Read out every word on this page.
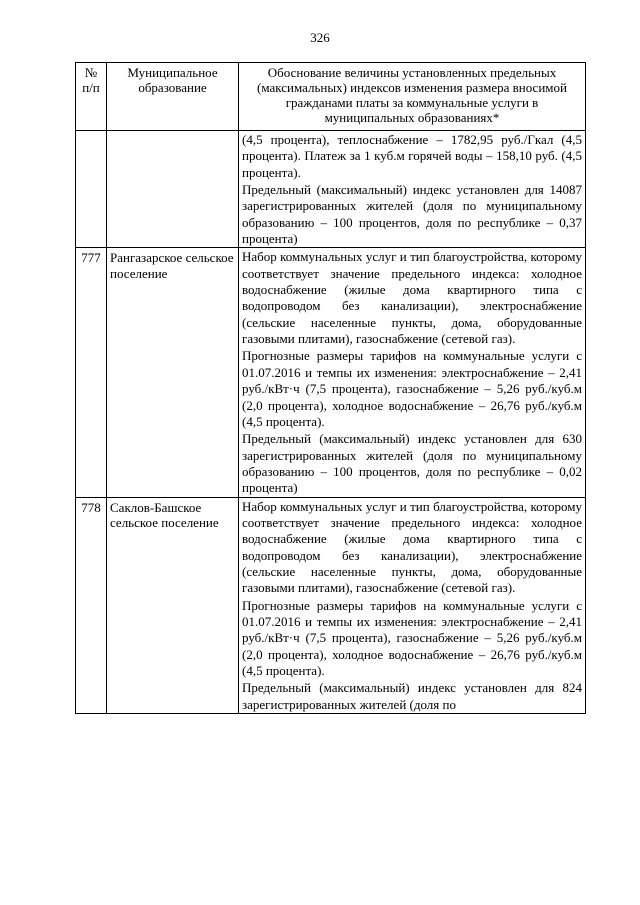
326
№ п/п	Муниципальное образование	Обоснование величины установленных предельных (максимальных) индексов изменения размера вносимой гражданами платы за коммунальные услуги в муниципальных образованиях*

		(4,5 процента), теплоснабжение – 1782,95 руб./Гкал (4,5 процента). Платеж за 1 куб.м горячей воды – 158,10 руб. (4,5 процента).

Предельный (максимальный) индекс установлен для 14087 зарегистрированных жителей (доля по муниципальному образованию – 100 процентов, доля по республике – 0,37 процента)

777	Рангазарское сельское поселение	Набор коммунальных услуг и тип благоустройства, которому соответствует значение предельного индекса: холодное водоснабжение (жилые дома квартирного типа с водопроводом без канализации), электроснабжение (сельские населенные пункты, дома, оборудованные газовыми плитами), газоснабжение (сетевой газ).

Прогнозные размеры тарифов на коммунальные услуги с 01.07.2016 и темпы их изменения: электроснабжение – 2,41 руб./кВт·ч (7,5 процента), газоснабжение – 5,26 руб./куб.м (2,0 процента), холодное водоснабжение – 26,76 руб./куб.м (4,5 процента).

Предельный (максимальный) индекс установлен для 630 зарегистрированных жителей (доля по муниципальному образованию – 100 процентов, доля по республике – 0,02 процента)

778	Саклов-Башское сельское поселение	Набор коммунальных услуг и тип благоустройства, которому соответствует значение предельного индекса: холодное водоснабжение (жилые дома квартирного типа с водопроводом без канализации), электроснабжение (сельские населенные пункты, дома, оборудованные газовыми плитами), газоснабжение (сетевой газ).

Прогнозные размеры тарифов на коммунальные услуги с 01.07.2016 и темпы их изменения: электроснабжение – 2,41 руб./кВт·ч (7,5 процента), газоснабжение – 5,26 руб./куб.м (2,0 процента), холодное водоснабжение – 26,76 руб./куб.м (4,5 процента).

Предельный (максимальный) индекс установлен для 824 зарегистрированных жителей (доля по
